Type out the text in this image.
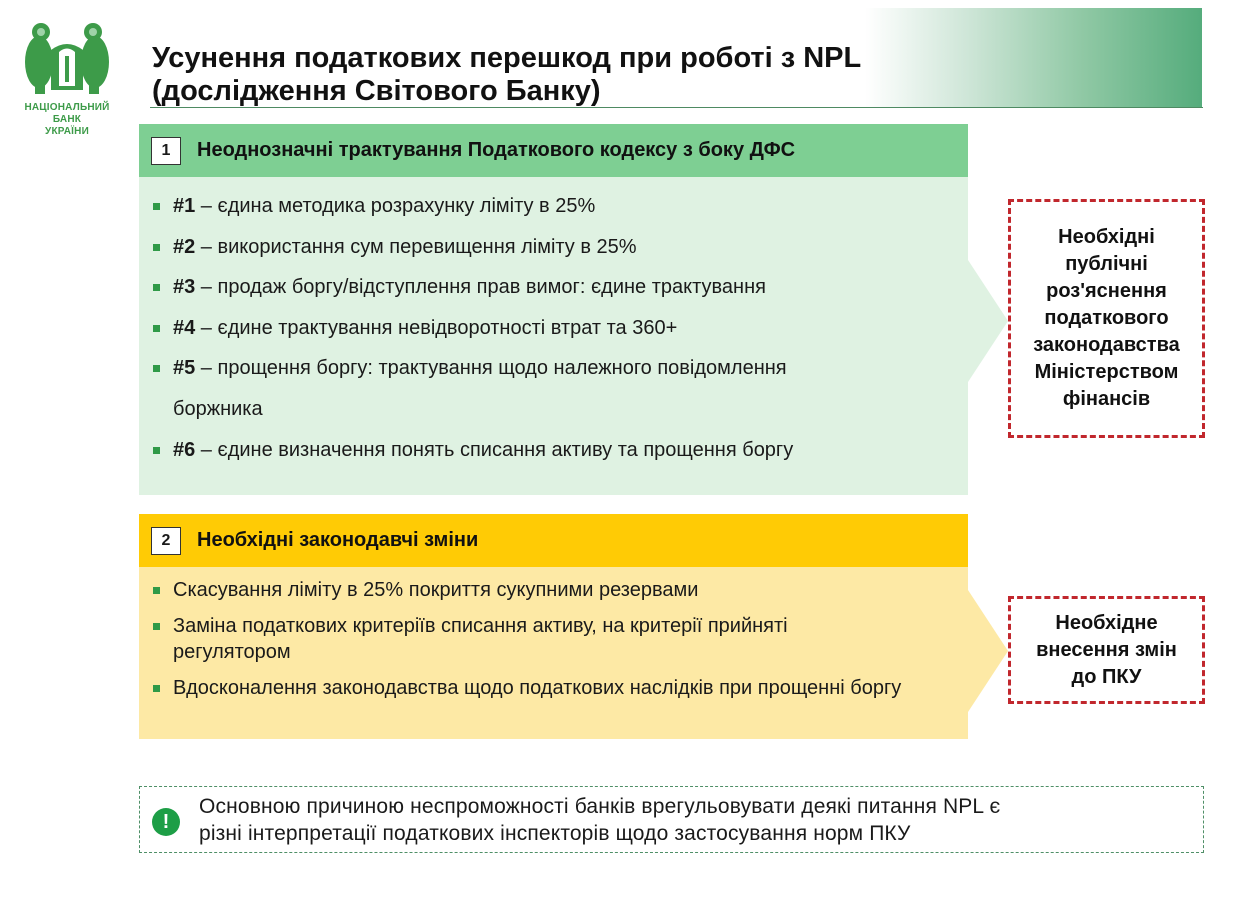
НАЦІОНАЛЬНИЙ
БАНК
УКРАЇНИ
Усунення податкових перешкод при роботі з NPL
(дослідження Світового Банку)
1	Неоднозначні трактування Податкового кодексу з боку ДФС
#1 – єдина методика розрахунку ліміту в 25%
#2 – використання сум перевищення ліміту в 25%
#3 – продаж боргу/відступлення прав вимог: єдине трактування
#4 – єдине трактування невідворотності втрат та 360+
#5 – прощення боргу: трактування щодо належного повідомлення боржника
#6 – єдине визначення понять списання активу та прощення боргу
Необхідні
публічні
роз'яснення
податкового
законодавства
Міністерством
фінансів
2	Необхідні законодавчі зміни
Скасування ліміту в 25% покриття сукупними резервами
Заміна податкових критеріїв списання активу, на критерії прийняті регулятором
Вдосконалення законодавства щодо податкових наслідків при прощенні боргу
Необхідне
внесення змін
до ПКУ
!
Основною причиною неспроможності банків врегульовувати деякі питання NPL є
різні інтерпретації податкових інспекторів щодо застосування норм ПКУ
